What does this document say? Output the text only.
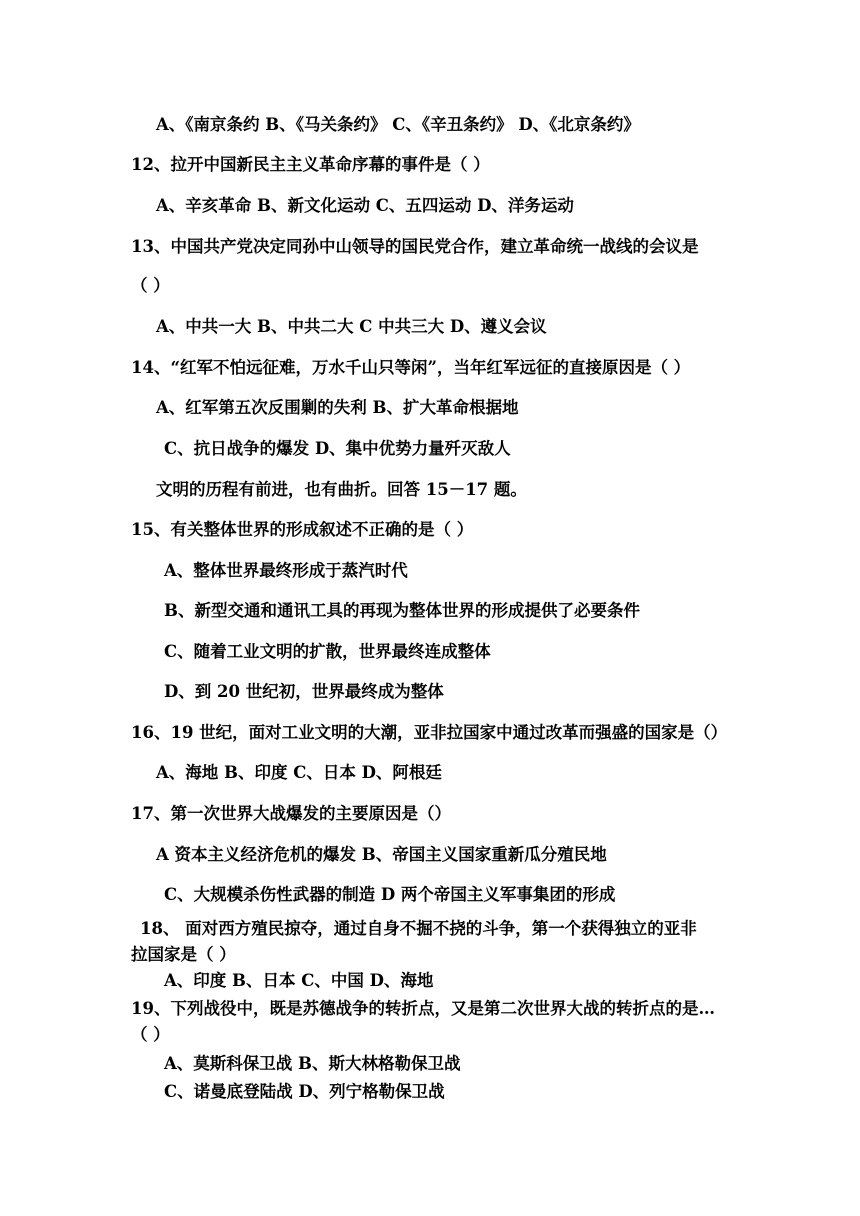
A、《南京条约 B、《马关条约》 C、《辛丑条约》 D、《北京条约》
12、拉开中国新民主主义革命序幕的事件是（ ）
A、辛亥革命 B、新文化运动 C、五四运动 D、洋务运动
13、中国共产党决定同孙中山领导的国民党合作，建立革命统一战线的会议是
（ ）
A、中共一大 B、中共二大 C 中共三大 D、遵义会议
14、“红军不怕远征难，万水千山只等闲”，当年红军远征的直接原因是（ ）
A、红军第五次反围剿的失利 B、扩大革命根据地
C、抗日战争的爆发 D、集中优势力量歼灭敌人
文明的历程有前进，也有曲折。回答 15－17 题。
15、有关整体世界的形成叙述不正确的是（ ）
A、整体世界最终形成于蒸汽时代
B、新型交通和通讯工具的再现为整体世界的形成提供了必要条件
C、随着工业文明的扩散，世界最终连成整体
D、到 20 世纪初，世界最终成为整体
16、19 世纪，面对工业文明的大潮，亚非拉国家中通过改革而强盛的国家是（）
A、海地 B、印度 C、日本 D、阿根廷
17、第一次世界大战爆发的主要原因是（）
A 资本主义经济危机的爆发 B、帝国主义国家重新瓜分殖民地
C、大规模杀伤性武器的制造 D 两个帝国主义军事集团的形成
18、 面对西方殖民掠夺，通过自身不掘不挠的斗争，第一个获得独立的亚非
拉国家是（ ）
A、印度 B、日本 C、中国 D、海地
19、下列战役中，既是苏德战争的转折点，又是第二次世界大战的转折点的是…
（ ）
A、莫斯科保卫战 B、斯大林格勒保卫战
C、诺曼底登陆战 D、列宁格勒保卫战
